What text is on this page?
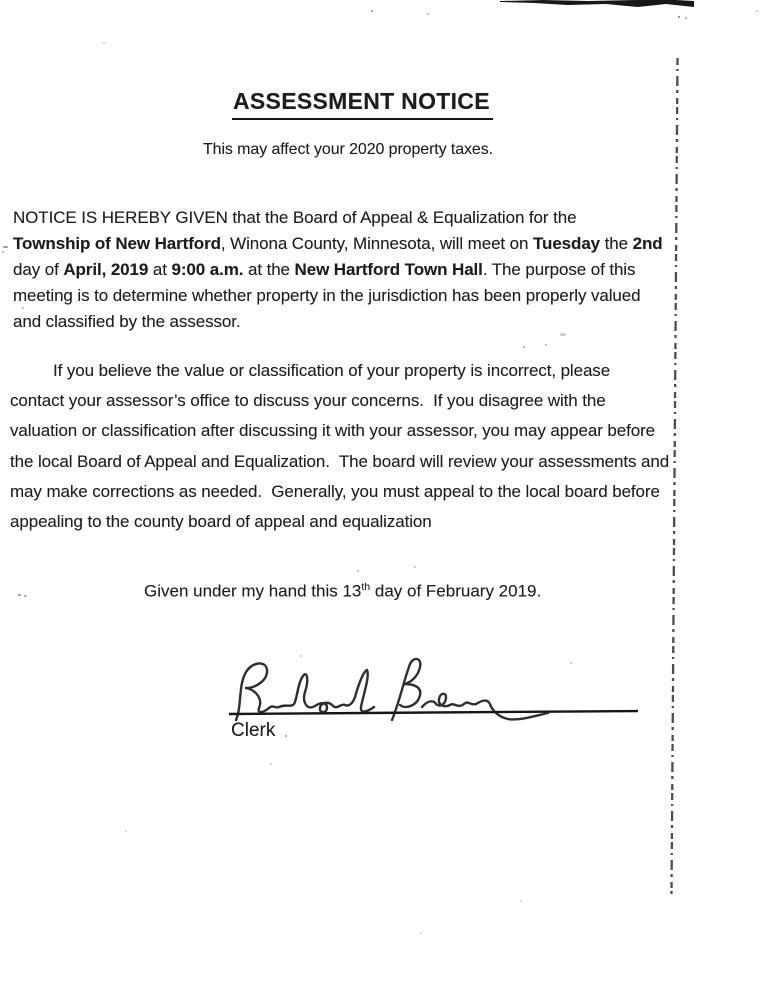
ASSESSMENT NOTICE
This may affect your 2020 property taxes.
NOTICE IS HEREBY GIVEN that the Board of Appeal & Equalization for the
Township of New Hartford, Winona County, Minnesota, will meet on Tuesday the 2nd
day of April, 2019 at 9:00 a.m. at the New Hartford Town Hall. The purpose of this
meeting is to determine whether property in the jurisdiction has been properly valued
and classified by the assessor.
If you believe the value or classification of your property is incorrect, please
contact your assessor’s office to discuss your concerns.  If you disagree with the
valuation or classification after discussing it with your assessor, you may appear before
the local Board of Appeal and Equalization.  The board will review your assessments and
may make corrections as needed.  Generally, you must appeal to the local board before
appealing to the county board of appeal and equalization
Given under my hand this 13th day of February 2019.
Clerk
